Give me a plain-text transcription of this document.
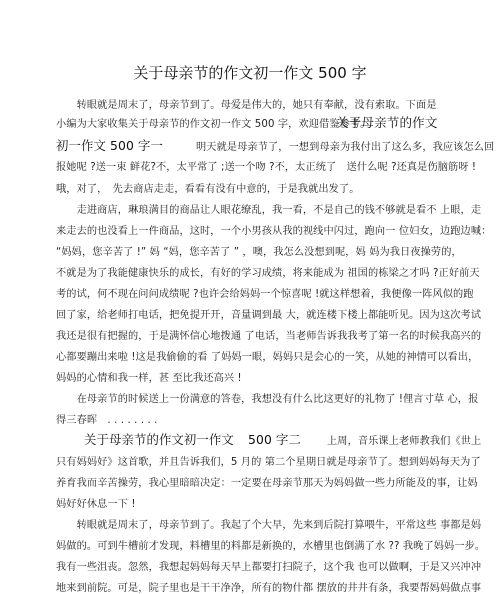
关于母亲节的作文初一作文 500 字
　　转眼就是周末了，母亲节到了。母爱是伟大的，她只有奉献，没有索取。下面是
小编为大家收集关于母亲节的作文初一作文 500 字，欢迎借鉴参考。
关于母亲节的作文
初一作文 500 字一	明天就是母亲节了，一想到母亲为我付出了这么多，我应该怎么回
报她呢 ?送一束 鲜花?不，太平常了 ;送一个吻 ?不，太正统了　送什么呢 ?还真是伤脑筋呀 !
哦，对了，　先去商店走走，看看有没有中意的，于是我就出发了。
　　走进商店，琳琅满目的商品让人眼花缭乱，我一看，不是自己的钱不够就是看不 上眼，走
来走去的也没看上一件商品，这时，一个小男孩从我的视线中闪过，跑向一 位妇女，边跑边喊：
“妈妈，您辛苦了 !” 妈 “妈，您辛苦了 ” ，噢，我怎么没想到呢，妈 妈为我日夜操劳的，
不就是为了我能健康快乐的成长，有好的学习成绩，将来能成为 祖国的栋梁之才吗 ?正好前天
考的试，何不现在问问成绩呢 ?也许会给妈妈一个惊喜呢 !就这样想着，我便像一阵风似的跑
回了家，给老师打电话，把免提开开，音量调到最 大，就连楼下楼上都能听见。因为这次考试
我还是很有把握的，于是满怀信心地拨通 了电话，当老师告诉我我考了第一名的时候我高兴的
心都要蹦出来啦 !这是我偷偷的看 了妈妈一眼，妈妈只是会心的一笑，从她的神情可以看出，
妈妈的心情和我一样，甚 至比我还高兴 !
　　在母亲节的时候送上一份满意的答卷，我想没有什么比这更好的礼物了 !俚言寸草 心，报
得三春晖　. . . . . . . .
关于母亲节的作文初一作文 500 字二	上周，音乐课上老师教我们《世上
只有妈妈好》这首歌，并且告诉我们，5 月的 第二个星期日就是母亲节了。想到妈妈每天为了
养育我而辛苦操劳，我心里暗暗决定：一定要在母亲节那天为妈妈做一些力所能及的事，让妈
妈好好休息一下 !
　　转眼就是周末了，母亲节到了。我起了个大早，先来到后院打算喂牛，平常这些 事都是妈
妈做的。可到牛槽前才发现，料槽里的料都是新换的，水槽里也倒满了水 ?? 我晚了妈妈一步。
我有一些沮丧。忽然，我想起妈妈每天早上都要打扫院子，这个我 也可以做啊，于是又兴冲冲
地来到前院。可是，院子里也是干干净净，所有的物什都 摆放的井井有条，我要帮妈妈做点事
